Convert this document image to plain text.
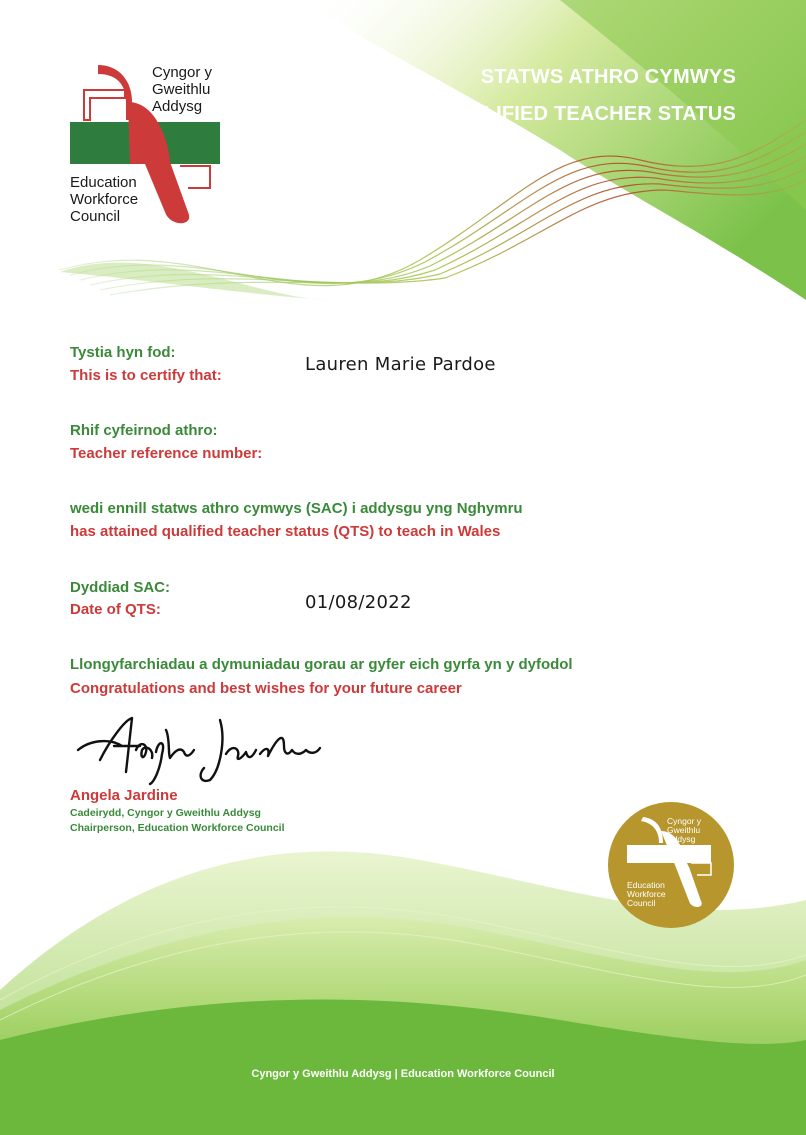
Cyngor y
Gweithlu
Addysg
Education
Workforce
Council
STATWS ATHRO CYMWYS
QUALIFIED TEACHER STATUS
Tystia hyn fod:
This is to certify that:
Lauren Marie Pardoe
Rhif cyfeirnod athro:
Teacher reference number:
wedi ennill statws athro cymwys (SAC) i addysgu yng Nghymru
has attained qualified teacher status (QTS) to teach in Wales
Dyddiad SAC:
Date of QTS:	01/08/2022
Llongyfarchiadau a dymuniadau gorau ar gyfer eich gyrfa yn y dyfodol
Congratulations and best wishes for your future career
Angela Jardine
Cadeirydd, Cyngor y Gweithlu Addysg
Chairperson, Education Workforce Council
Cyngor y
Gweithlu
Addysg
Education
Workforce
Council
Cyngor y Gweithlu Addysg | Education Workforce Council
